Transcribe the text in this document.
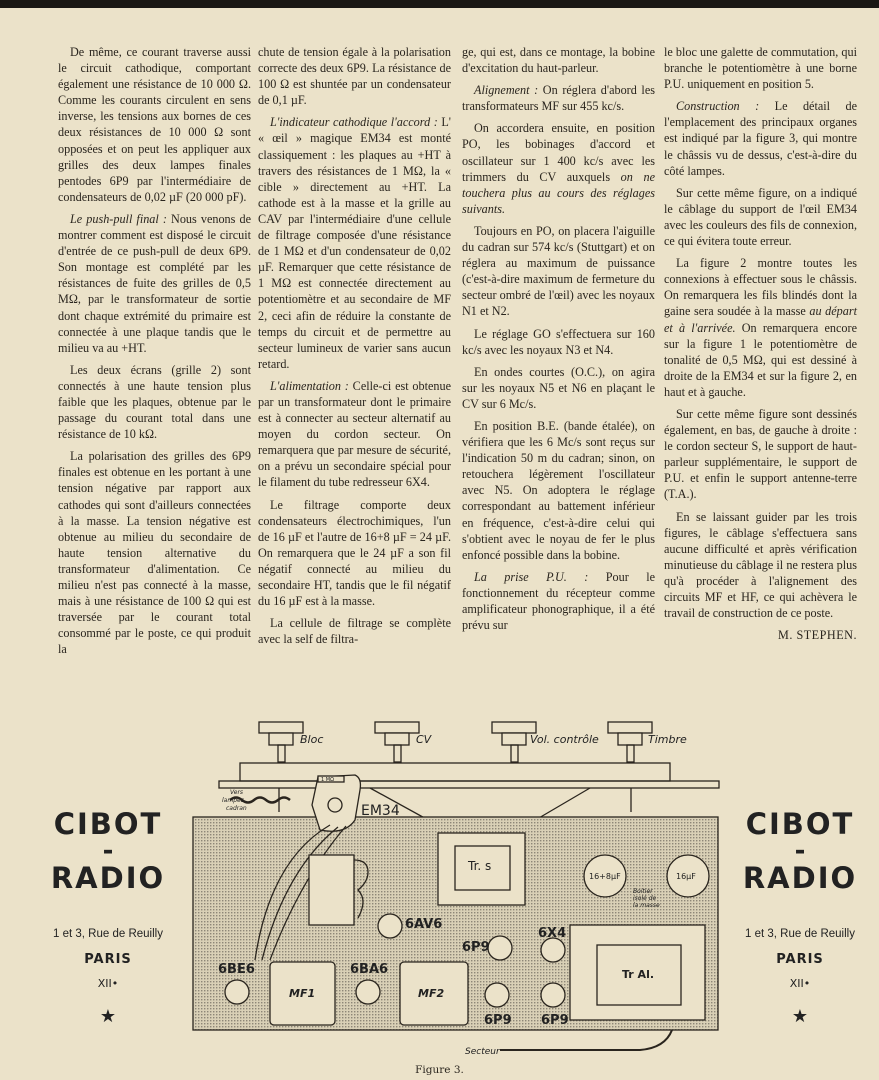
De même, ce courant traverse aussi le circuit cathodique, comportant également une résistance de 10 000 Ω. Comme les courants circulent en sens inverse, les tensions aux bornes de ces deux résistances de 10 000 Ω sont opposées et on peut les appliquer aux grilles des deux lampes finales pentodes 6P9 par l'intermédiaire de condensateurs de 0,02 µF (20 000 pF).

Le push-pull final : Nous venons de montrer comment est disposé le circuit d'entrée de ce push-pull de deux 6P9. Son montage est complété par les résistances de fuite des grilles de 0,5 MΩ, par le transformateur de sortie dont chaque extrémité du primaire est connectée à une plaque tandis que le milieu va au +HT.

Les deux écrans (grille 2) sont connectés à une haute tension plus faible que les plaques, obtenue par le passage du courant total dans une résistance de 10 kΩ.

La polarisation des grilles des 6P9 finales est obtenue en les portant à une tension négative par rapport aux cathodes qui sont d'ailleurs connectées à la masse. La tension négative est obtenue au milieu du secondaire de haute tension alternative du transformateur d'alimentation. Ce milieu n'est pas connecté à la masse, mais à une résistance de 100 Ω qui est traversée par le courant total consommé par le poste, ce qui produit la

chute de tension égale à la polarisation correcte des deux 6P9. La résistance de 100 Ω est shuntée par un condensateur de 0,1 µF.

L'indicateur cathodique l'accord : L' « œil » magique EM34 est monté classiquement : les plaques au +HT à travers des résistances de 1 MΩ, la « cible » directement au +HT. La cathode est à la masse et la grille au CAV par l'intermédiaire d'une cellule de filtrage composée d'une résistance de 1 MΩ et d'un condensateur de 0,02 µF. Remarquer que cette résistance de 1 MΩ est connectée directement au potentiomètre et au secondaire de MF 2, ceci afin de réduire la constante de temps du circuit et de permettre au secteur lumineux de varier sans aucun retard.

L'alimentation : Celle-ci est obtenue par un transformateur dont le primaire est à connecter au secteur alternatif au moyen du cordon secteur. On remarquera que par mesure de sécurité, on a prévu un secondaire spécial pour le filament du tube redresseur 6X4.

Le filtrage comporte deux condensateurs électrochimiques, l'un de 16 µF et l'autre de 16+8 µF = 24 µF. On remarquera que le 24 µF a son fil négatif connecté au milieu du secondaire HT, tandis que le fil négatif du 16 µF est à la masse.

La cellule de filtrage se complète avec la self de filtra-

ge, qui est, dans ce montage, la bobine d'excitation du haut-parleur.

Alignement : On réglera d'abord les transformateurs MF sur 455 kc/s.

On accordera ensuite, en position PO, les bobinages d'accord et oscillateur sur 1 400 kc/s avec les trimmers du CV auxquels on ne touchera plus au cours des réglages suivants.

Toujours en PO, on placera l'aiguille du cadran sur 574 kc/s (Stuttgart) et on réglera au maximum de puissance (c'est-à-dire maximum de fermeture du secteur ombré de l'œil) avec les noyaux N1 et N2.

Le réglage GO s'effectuera sur 160 kc/s avec les noyaux N3 et N4.

En ondes courtes (O.C.), on agira sur les noyaux N5 et N6 en plaçant le CV sur 6 Mc/s.

En position B.E. (bande étalée), on vérifiera que les 6 Mc/s sont reçus sur l'indication 50 m du cadran; sinon, on retouchera légèrement l'oscillateur avec N5. On adoptera le réglage correspondant au battement inférieur en fréquence, c'est-à-dire celui qui s'obtient avec le noyau de fer le plus enfoncé possible dans la bobine.

La prise P.U. : Pour le fonctionnement du récepteur comme amplificateur phonographique, il a été prévu sur

le bloc une galette de commutation, qui branche le potentiomètre à une borne P.U. uniquement en position 5.

Construction : Le détail de l'emplacement des principaux organes est indiqué par la figure 3, qui montre le châssis vu de dessus, c'est-à-dire du côté lampes.

Sur cette même figure, on a indiqué le câblage du support de l'œil EM34 avec les couleurs des fils de connexion, ce qui évitera toute erreur.

La figure 2 montre toutes les connexions à effectuer sous le châssis. On remarquera les fils blindés dont la gaine sera soudée à la masse au départ et à l'arrivée. On remarquera encore sur la figure 1 le potentiomètre de tonalité de 0,5 MΩ, qui est dessiné à droite de la EM34 et sur la figure 2, en haut et à gauche.

Sur cette même figure sont dessinés également, en bas, de gauche à droite : le cordon secteur S, le support de haut-parleur supplémentaire, le support de P.U. et enfin le support antenne-terre (T.A.).

En se laissant guider par les trois figures, le câblage s'effectuera sans aucune difficulté et après vérification minutieuse du câblage il ne restera plus qu'à procéder à l'alignement des circuits MF et HF, ce qui achèvera le travail de construction de ce poste.

M. STEPHEN.
CIBOT
-
RADIO
1 et 3, Rue de Reuilly
PARIS
XII•
★
CIBOT
-
RADIO
1 et 3, Rue de Reuilly
PARIS
XII•
★
Bloc	CV	Vol. contrôle	Timbre
EM34
Vers
lampes
cadran
1 MΩ
Tr. s
16+8µF	16µF
Boitier
isolé de
la masse
6AV6
6P9
6X4
6BE6	6BA6
6P9 6P9
MF1	MF2
Tr Al.
Secteur
Figure 3.
